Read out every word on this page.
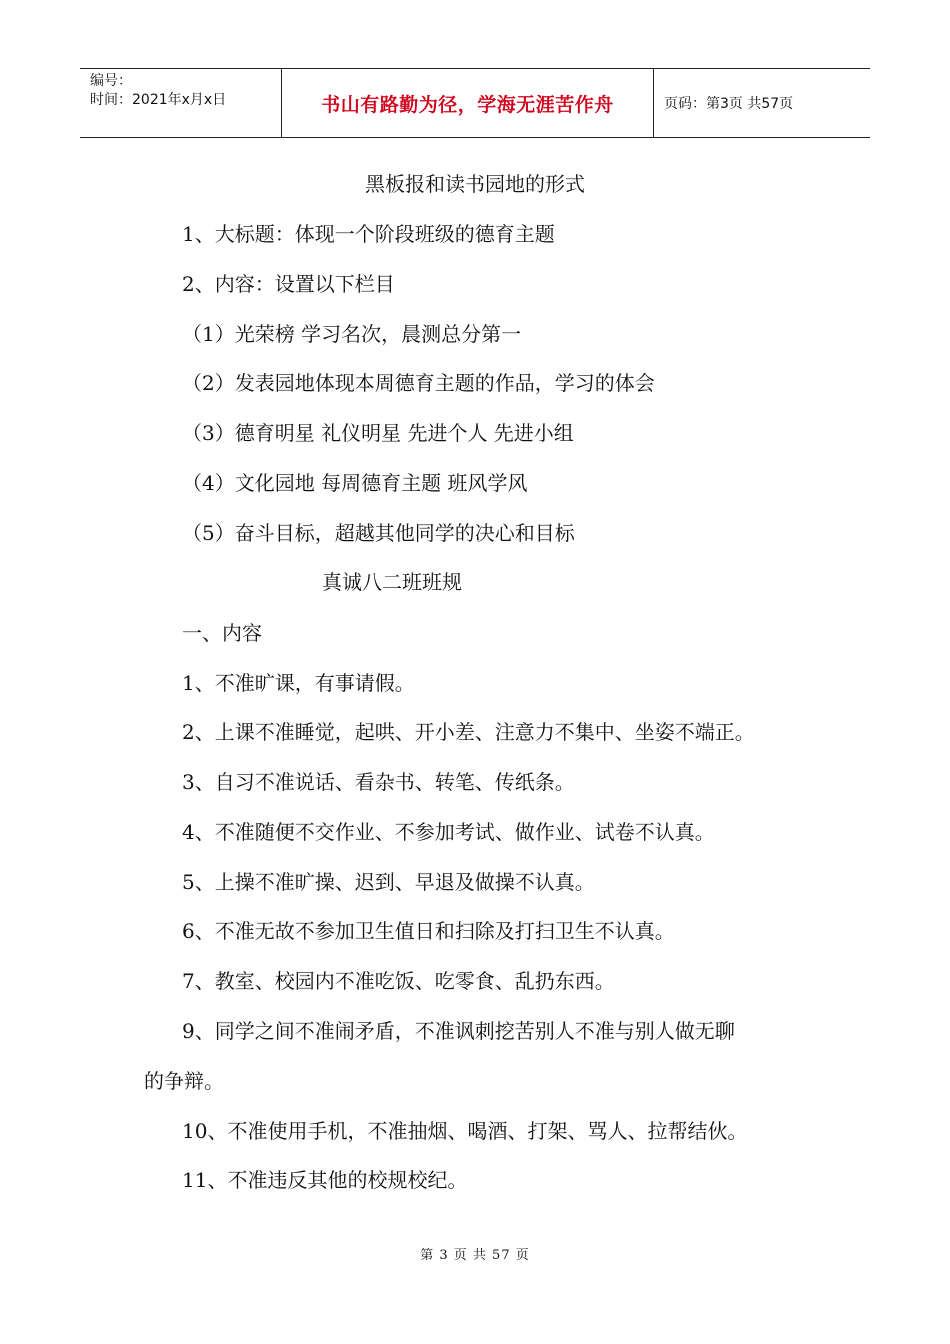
编号：
时间：2021年x月x日	书山有路勤为径，学海无涯苦作舟	页码：第3页 共57页
黑板报和读书园地的形式
1、大标题：体现一个阶段班级的德育主题
2、内容：设置以下栏目
（1）光荣榜 学习名次，晨测总分第一
（2）发表园地体现本周德育主题的作品，学习的体会
（3）德育明星 礼仪明星 先进个人 先进小组
（4）文化园地 每周德育主题 班风学风
（5）奋斗目标，超越其他同学的决心和目标
真诚八二班班规
一、内容
1、不准旷课，有事请假。
2、上课不准睡觉，起哄、开小差、注意力不集中、坐姿不端正。
3、自习不准说话、看杂书、转笔、传纸条。
4、不准随便不交作业、不参加考试、做作业、试卷不认真。
5、上操不准旷操、迟到、早退及做操不认真。
6、不准无故不参加卫生值日和扫除及打扫卫生不认真。
7、教室、校园内不准吃饭、吃零食、乱扔东西。
9、同学之间不准闹矛盾，不准讽刺挖苦别人不准与别人做无聊
的争辩。
10、不准使用手机，不准抽烟、喝酒、打架、骂人、拉帮结伙。
11、不准违反其他的校规校纪。
第 3 页 共 57 页
